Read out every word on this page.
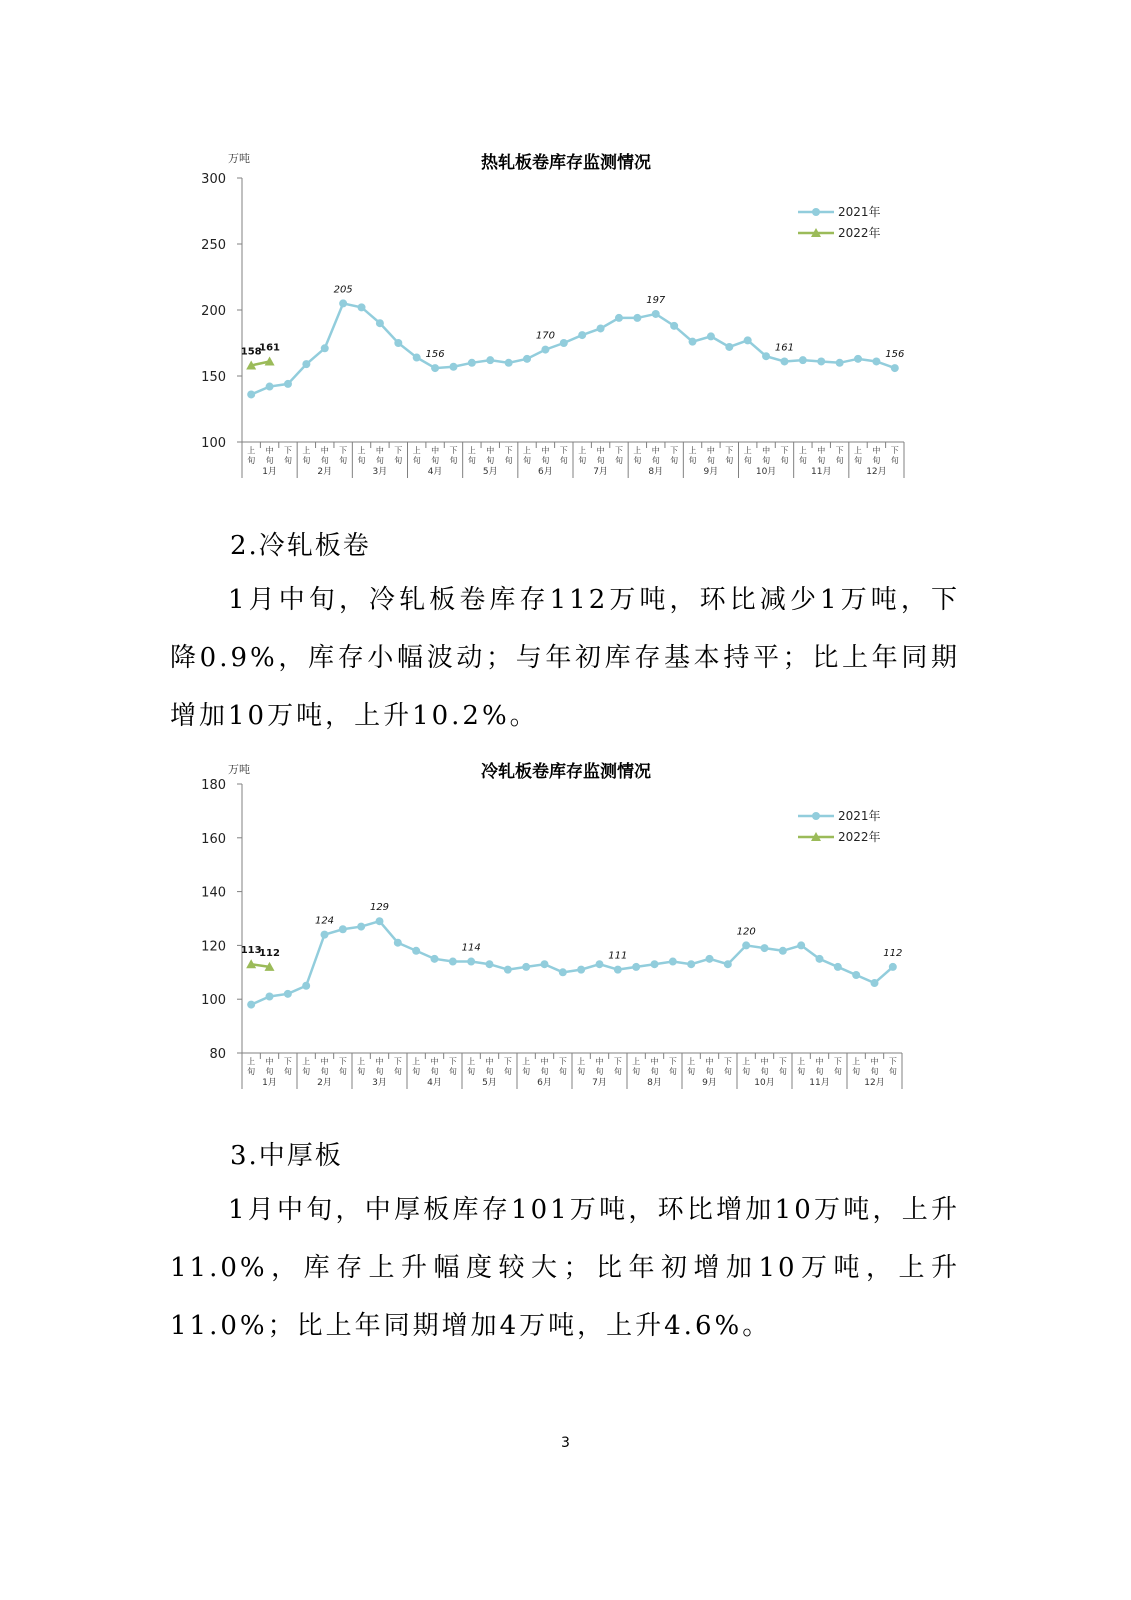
热轧板卷库存监测情况
万吨
100
150
200
250
300
上
旬
中
旬
下
旬
上
旬
中
旬
下
旬
上
旬
中
旬
下
旬
上
旬
中
旬
下
旬
上
旬
中
旬
下
旬
上
旬
中
旬
下
旬
上
旬
中
旬
下
旬
上
旬
中
旬
下
旬
上
旬
中
旬
下
旬
上
旬
中
旬
下
旬
上
旬
中
旬
下
旬
上
旬
中
旬
下
旬
1月	2月	3月	4月	5月	6月	7月	8月	9月	10月	11月	12月
205
156
170
197
161
156
2021年
158
161
2022年
2.冷轧板卷

1月中旬，冷轧板卷库存112万吨，环比减少1万吨，下降0.9%，库存小幅波动；与年初库存基本持平；比上年同期增加10万吨，上升10.2%。

冷轧板卷库存监测情况
万吨
80
100
120
140
160
180
上
旬
中
旬
下
旬
上
旬
中
旬
下
旬
上
旬
中
旬
下
旬
上
旬
中
旬
下
旬
上
旬
中
旬
下
旬
上
旬
中
旬
下
旬
上
旬
中
旬
下
旬
上
旬
中
旬
下
旬
上
旬
中
旬
下
旬
上
旬
中
旬
下
旬
上
旬
中
旬
下
旬
上
旬
中
旬
下
旬
1月	2月	3月	4月	5月	6月	7月	8月	9月	10月	11月	12月
124
129
114
111
120
112
2021年
113
112
2022年
3.中厚板

1月中旬，中厚板库存101万吨，环比增加10万吨，上升11.0%，库存上升幅度较大；比年初增加10万吨，上升11.0%；比上年同期增加4万吨，上升4.6%。

3
